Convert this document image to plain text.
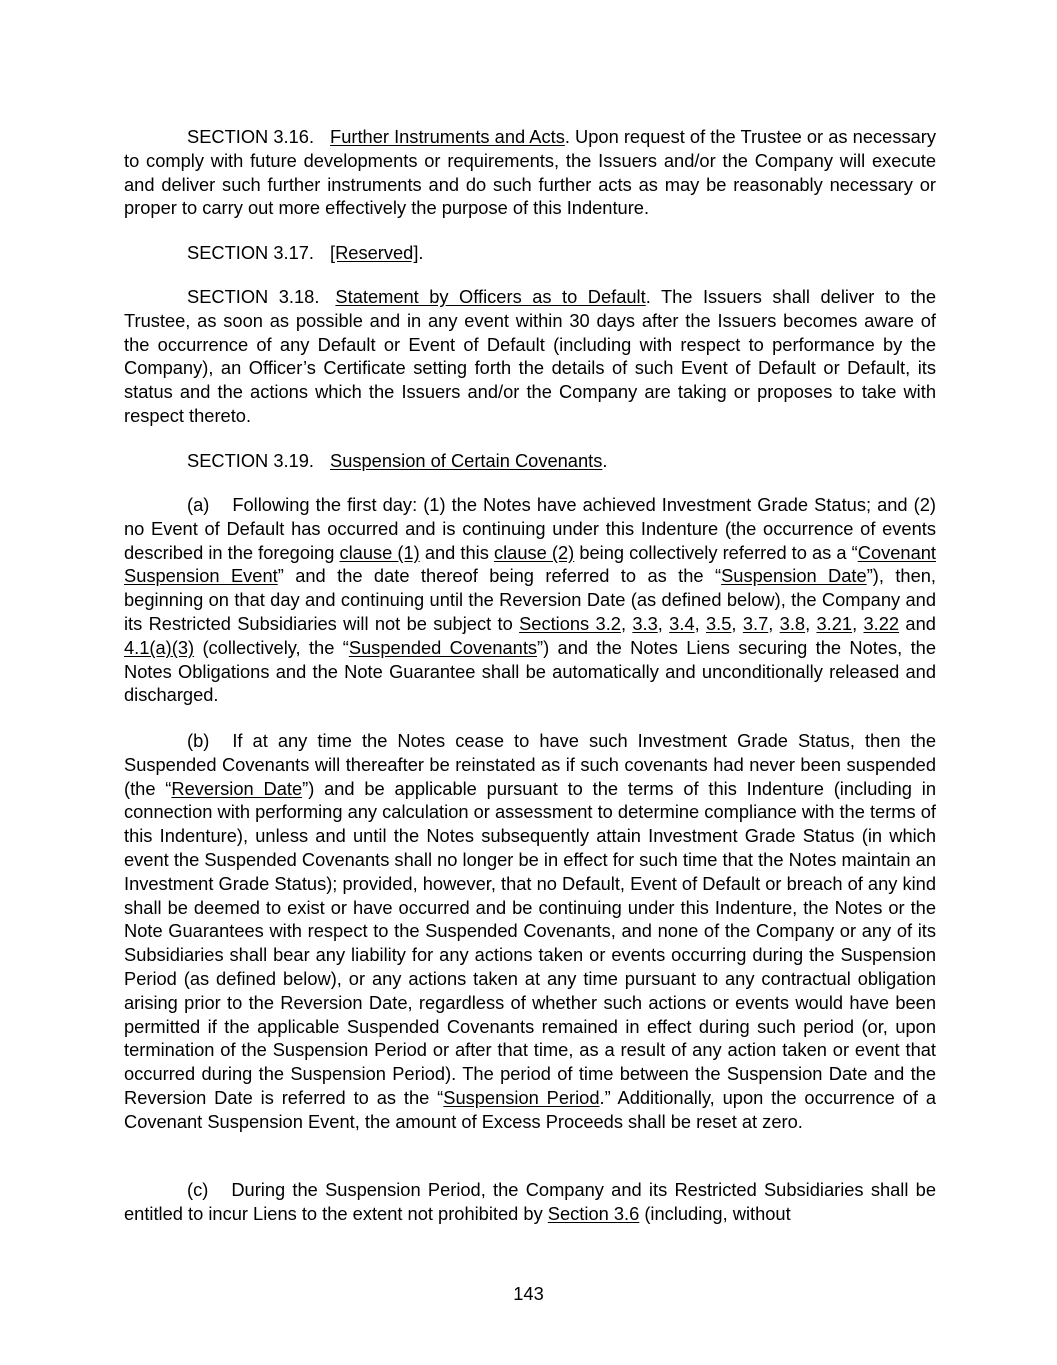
SECTION 3.16. Further Instruments and Acts. Upon request of the Trustee or as necessary to comply with future developments or requirements, the Issuers and/or the Company will execute and deliver such further instruments and do such further acts as may be reasonably necessary or proper to carry out more effectively the purpose of this Indenture.

SECTION 3.17. [Reserved].

SECTION 3.18. Statement by Officers as to Default. The Issuers shall deliver to the Trustee, as soon as possible and in any event within 30 days after the Issuers becomes aware of the occurrence of any Default or Event of Default (including with respect to performance by the Company), an Officer’s Certificate setting forth the details of such Event of Default or Default, its status and the actions which the Issuers and/or the Company are taking or proposes to take with respect thereto.

SECTION 3.19. Suspension of Certain Covenants.

(a) Following the first day: (1) the Notes have achieved Investment Grade Status; and (2) no Event of Default has occurred and is continuing under this Indenture (the occurrence of events described in the foregoing clause (1) and this clause (2) being collectively referred to as a “Covenant Suspension Event” and the date thereof being referred to as the “Suspension Date”), then, beginning on that day and continuing until the Reversion Date (as defined below), the Company and its Restricted Subsidiaries will not be subject to Sections 3.2, 3.3, 3.4, 3.5, 3.7, 3.8, 3.21, 3.22 and 4.1(a)(3) (collectively, the “Suspended Covenants”) and the Notes Liens securing the Notes, the Notes Obligations and the Note Guarantee shall be automatically and unconditionally released and discharged.

(b) If at any time the Notes cease to have such Investment Grade Status, then the Suspended Covenants will thereafter be reinstated as if such covenants had never been suspended (the “Reversion Date”) and be applicable pursuant to the terms of this Indenture (including in connection with performing any calculation or assessment to determine compliance with the terms of this Indenture), unless and until the Notes subsequently attain Investment Grade Status (in which event the Suspended Covenants shall no longer be in effect for such time that the Notes maintain an Investment Grade Status); provided, however, that no Default, Event of Default or breach of any kind shall be deemed to exist or have occurred and be continuing under this Indenture, the Notes or the Note Guarantees with respect to the Suspended Covenants, and none of the Company or any of its Subsidiaries shall bear any liability for any actions taken or events occurring during the Suspension Period (as defined below), or any actions taken at any time pursuant to any contractual obligation arising prior to the Reversion Date, regardless of whether such actions or events would have been permitted if the applicable Suspended Covenants remained in effect during such period (or, upon termination of the Suspension Period or after that time, as a result of any action taken or event that occurred during the Suspension Period). The period of time between the Suspension Date and the Reversion Date is referred to as the “Suspension Period.” Additionally, upon the occurrence of a Covenant Suspension Event, the amount of Excess Proceeds shall be reset at zero.

(c) During the Suspension Period, the Company and its Restricted Subsidiaries shall be entitled to incur Liens to the extent not prohibited by Section 3.6 (including, without

143
